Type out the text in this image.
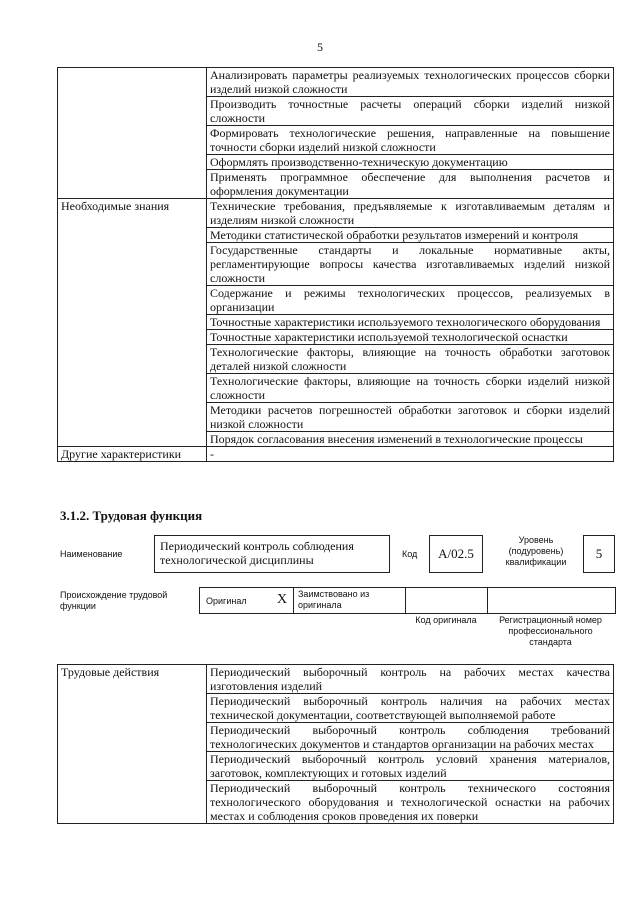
5
	Анализировать параметры реализуемых технологических процессов сборки изделий низкой сложности
	Производить точностные расчеты операций сборки изделий низкой сложности
	Формировать технологические решения, направленные на повышение точности сборки изделий низкой сложности
	Оформлять производственно-техническую документацию
	Применять программное обеспечение для выполнения расчетов и оформления документации
Необходимые знания	Технические требования, предъявляемые к изготавливаемым деталям и изделиям низкой сложности
	Методики статистической обработки результатов измерений и контроля
	Государственные стандарты и локальные нормативные акты, регламентирующие вопросы качества изготавливаемых изделий низкой сложности
	Содержание и режимы технологических процессов, реализуемых в организации
	Точностные характеристики используемого технологического оборудования
	Точностные характеристики используемой технологической оснастки
	Технологические факторы, влияющие на точность обработки заготовок деталей низкой сложности
	Технологические факторы, влияющие на точность сборки изделий низкой сложности
	Методики расчетов погрешностей обработки заготовок и сборки изделий низкой сложности
	Порядок согласования внесения изменений в технологические процессы
Другие характеристики	-
3.1.2. Трудовая функция
Наименование
Периодический контроль соблюдения технологической дисциплины	Код	А/02.5
Уровень (подуровень) квалификации
5
Происхождение трудовой функции	Оригинал X Заимствовано из оригинала
Код оригинала	Регистрационный номер профессионального стандарта
Трудовые действия	Периодический выборочный контроль на рабочих местах качества изготовления изделий
Периодический выборочный контроль наличия на рабочих местах технической документации, соответствующей выполняемой работе
Периодический выборочный контроль соблюдения требований технологических документов и стандартов организации на рабочих местах
Периодический выборочный контроль условий хранения материалов, заготовок, комплектующих и готовых изделий
Периодический выборочный контроль технического состояния технологического оборудования и технологической оснастки на рабочих местах и соблюдения сроков проведения их поверки
